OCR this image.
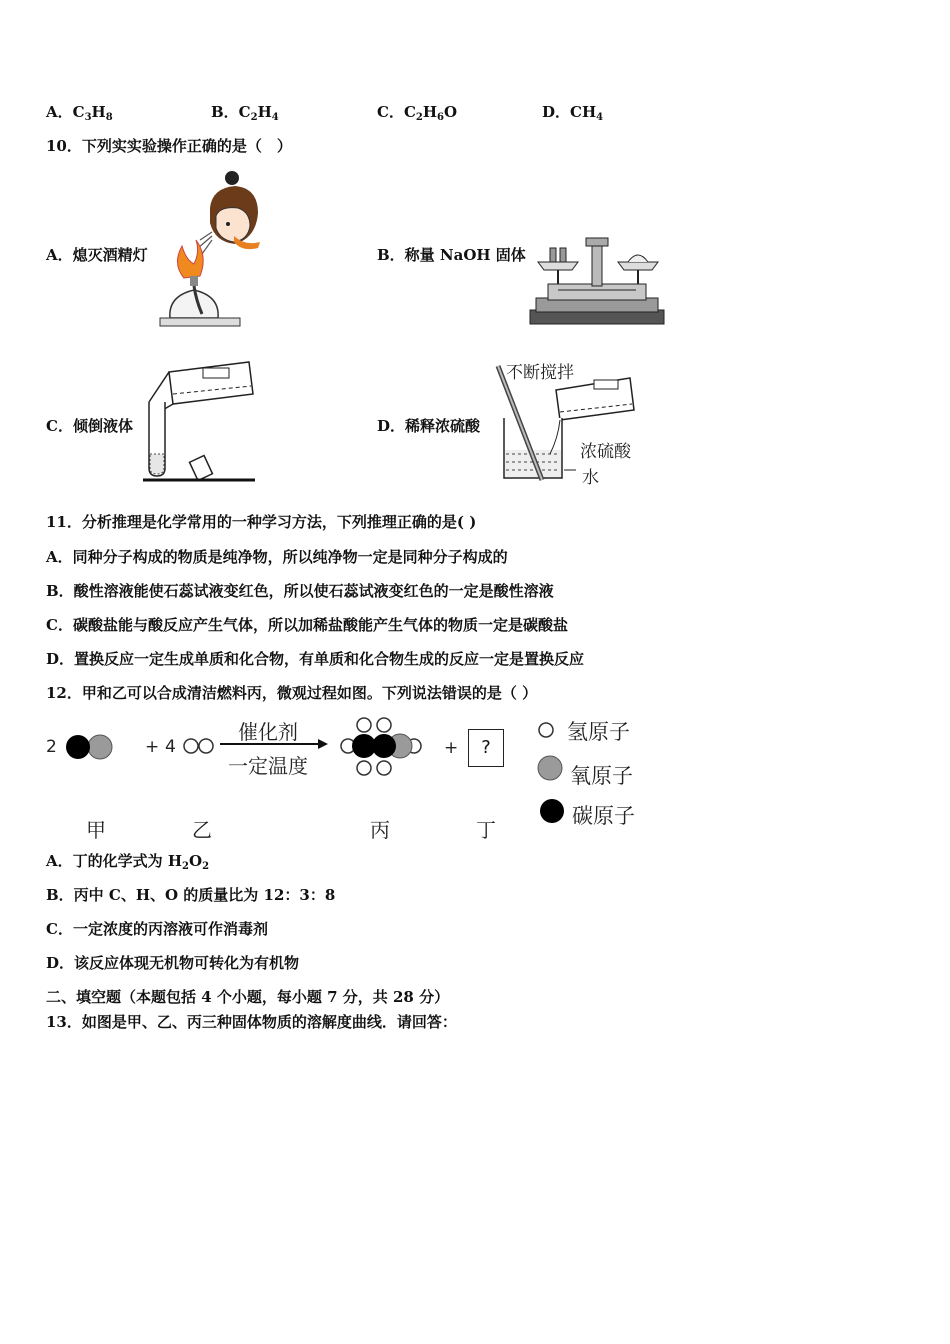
A．$C_3H_8$	B．$C_2H_4$	C．$C_2H_6O$	D．$CH_4$
10．下列实实验操作正确的是（　）
A．熄灭酒精灯	B．称量 NaOH 固体
C．倾倒液体	D．稀释浓硫酸
不断搅拌
浓硫酸
水
11．分析推理是化学常用的一种学习方法，下列推理正确的是( )
A．同种分子构成的物质是纯净物，所以纯净物一定是同种分子构成的
B．酸性溶液能使石蕊试液变红色，所以使石蕊试液变红色的一定是酸性溶液
C．碳酸盐能与酸反应产生气体，所以加稀盐酸能产生气体的物质一定是碳酸盐
D．置换反应一定生成单质和化合物，有单质和化合物生成的反应一定是置换反应
12．甲和乙可以合成清洁燃料丙，微观过程如图。下列说法错误的是（ ）
2	+ 4
催化剂
一定温度
+	?
氢原子
氧原子
碳原子
甲	乙	丙	丁
A．丁的化学式为 $H_2O_2$
B．丙中 C、H、O 的质量比为 12：3：8
C．一定浓度的丙溶液可作消毒剂
D．该反应体现无机物可转化为有机物
二、填空题（本题包括 4 个小题，每小题 7 分，共 28 分）
13．如图是甲、乙、丙三种固体物质的溶解度曲线．请回答：
